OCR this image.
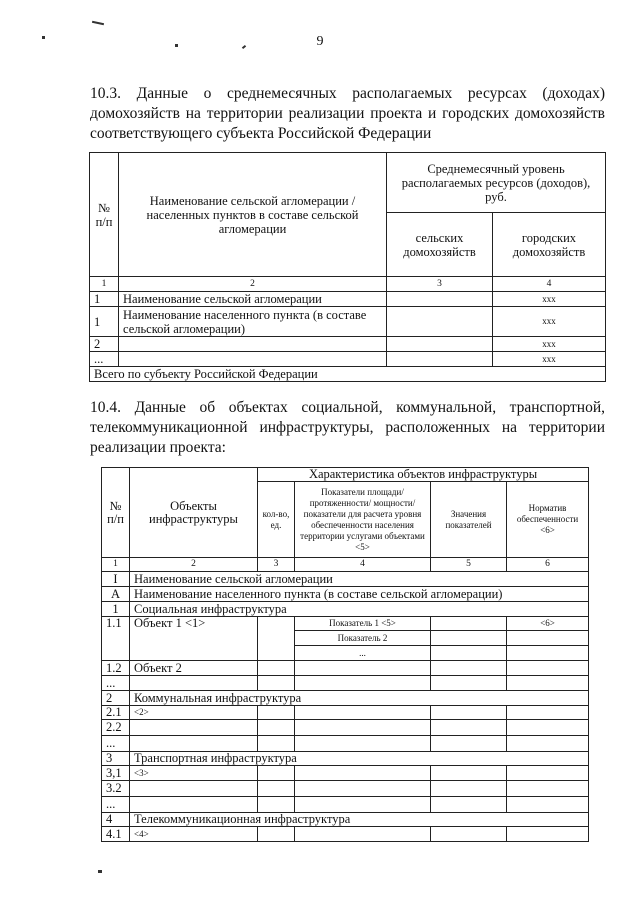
9

10.3. Данные о среднемесячных располагаемых ресурсах (доходах) домохозяйств на территории реализации проекта и городских домохозяйств соответствующего субъекта Российской Федерации

№ п/п	Наименование сельской агломерации / населенных пунктов в составе сельской агломерации	Среднемесячный уровень располагаемых ресурсов (доходов), руб.	
		сельских домохозяйств	городских домохозяйств
1	2	3	4
1	Наименование сельской агломерации		xxx
1	Наименование населенного пункта (в составе сельской агломерации)		xxx
2			xxx
...			xxx
Всего по субъекту Российской Федерации			

10.4. Данные об объектах социальной, коммунальной, транспортной, телекоммуникационной инфраструктуры, расположенных на территории реализации проекта:

№ п/п	Объекты инфраструктуры	Характеристика объектов инфраструктуры			
		кол-во, ед.	Показатели площади/ протяженности/ мощности/ показатели для расчета уровня обеспеченности населения территории услугами объектами <5>	Значения показателей	Норматив обеспеченности <6>
1	2	3	4	5	6
I	Наименование сельской агломерации				
А	Наименование населенного пункта (в составе сельской агломерации)				
1	Социальная инфраструктура				
1.1	Объект 1 <1>		Показатель 1 <5>		<6>
			Показатель 2		
			...		
1.2	Объект 2				
...					
2	Коммунальная инфраструктура				
2.1	<2>				
2.2					
...					
3	Транспортная инфраструктура				
3,1	<3>				
3.2					
...					
4	Телекоммуникационная инфраструктура				
4.1	<4>				
